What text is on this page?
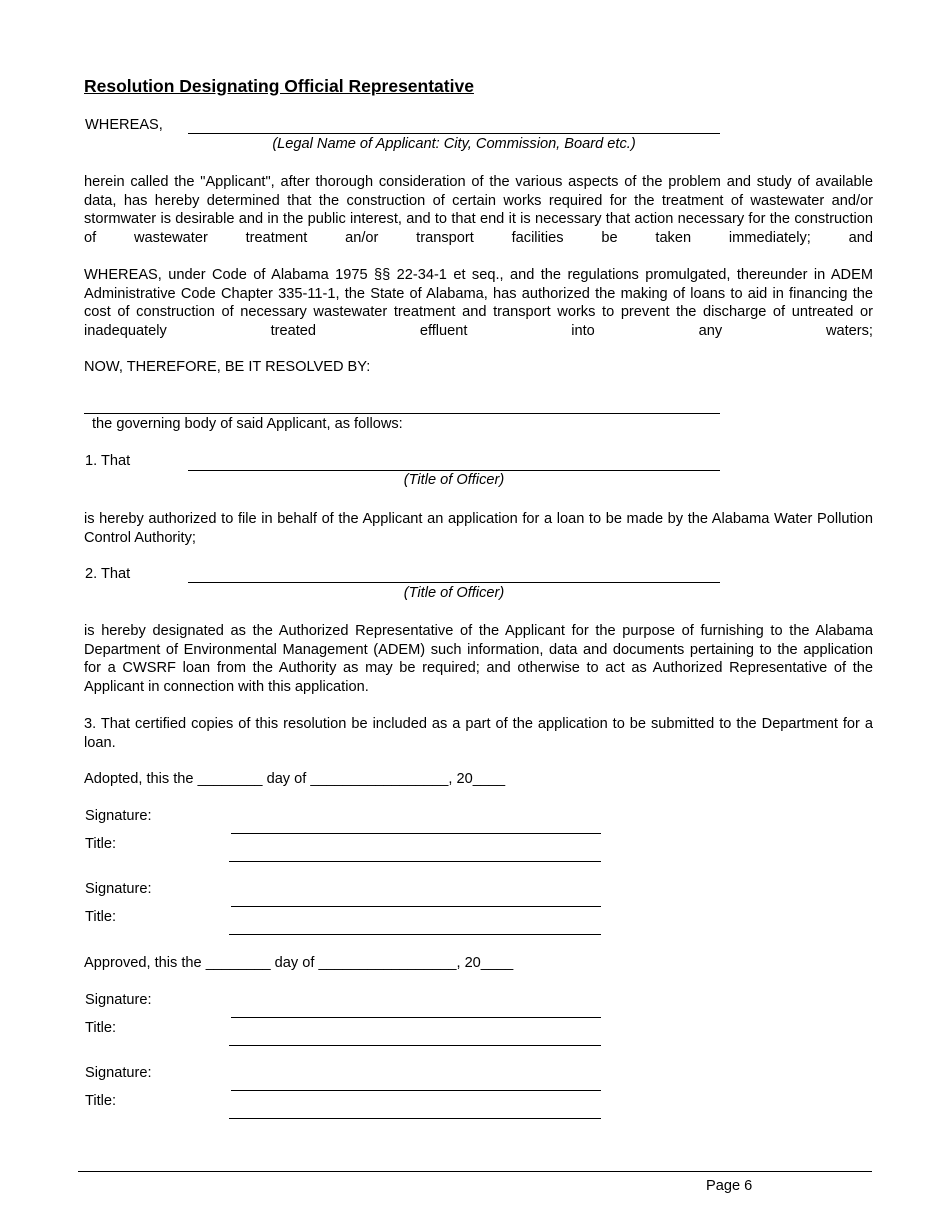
Resolution Designating Official Representative
WHEREAS,
(Legal Name of Applicant: City, Commission, Board etc.)
herein called the "Applicant", after thorough consideration of the various aspects of the problem and study of available data, has hereby determined that the construction of certain works required for the treatment of wastewater and/or stormwater is desirable and in the public interest, and to that end it is necessary that action necessary for the construction of wastewater treatment an/or transport facilities be taken immediately; and
WHEREAS, under Code of Alabama 1975 §§ 22-34-1 et seq., and the regulations promulgated, thereunder in ADEM Administrative Code Chapter 335-11-1, the State of Alabama, has authorized the making of loans to aid in financing the cost of construction of necessary wastewater treatment and transport works to prevent the discharge of untreated or inadequately treated effluent into any waters;
NOW, THEREFORE, BE IT RESOLVED BY:
the governing body of said Applicant, as follows:
1. That
(Title of Officer)
is hereby authorized to file in behalf of the Applicant an application for a loan to be made by the Alabama Water Pollution Control Authority;
2. That
(Title of Officer)
is hereby designated as the Authorized Representative of the Applicant for the purpose of furnishing to the Alabama Department of Environmental Management (ADEM) such information, data and documents pertaining to the application for a CWSRF loan from the Authority as may be required; and otherwise to act as Authorized Representative of the Applicant in connection with this application.
3. That certified copies of this resolution be included as a part of the application to be submitted to the Department for a loan.
Adopted, this the ________ day of _________________, 20____
Signature:
Title:
Signature:
Title:
Approved, this the ________ day of _________________, 20____
Signature:
Title:
Signature:
Title:
Page 6
